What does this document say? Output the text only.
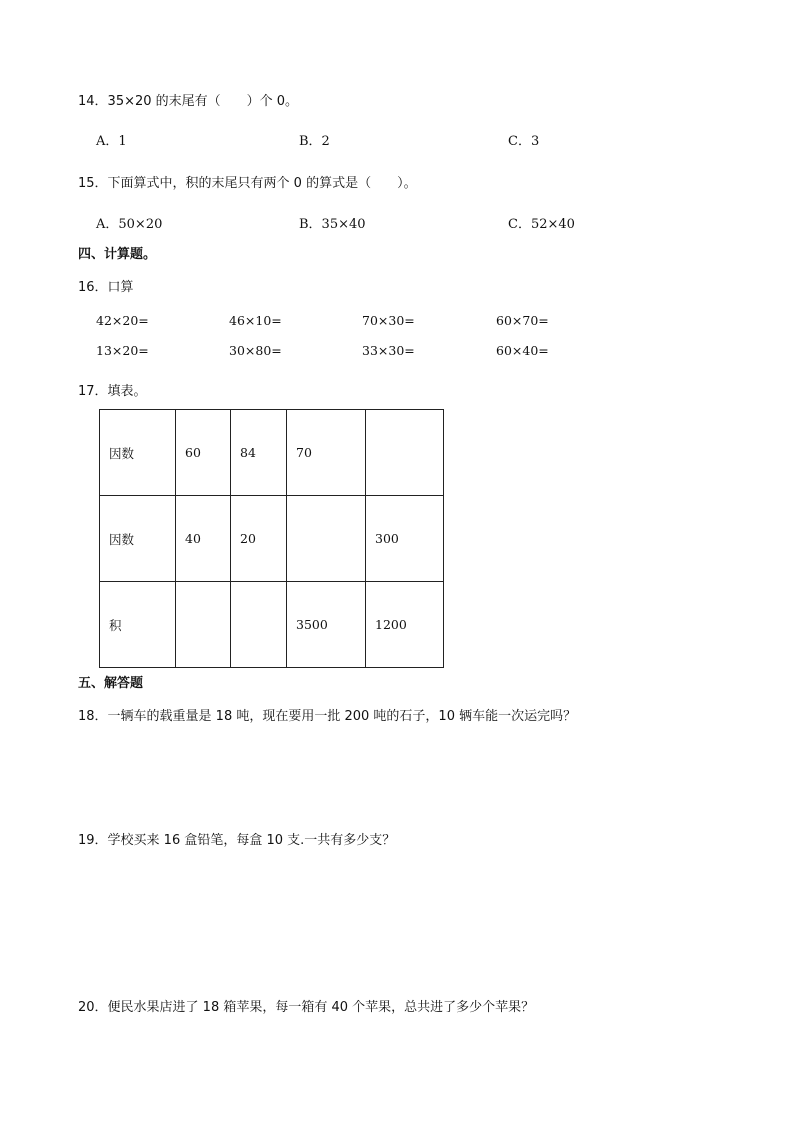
14．35×20 的末尾有（　　）个 0。
A．1	B．2	C．3
15．下面算式中，积的末尾只有两个 0 的算式是（　　）。
A．50×20	B．35×40	C．52×40
四、计算题。
16．口算
42×20=	46×10=	70×30=	60×70=
13×20=	30×80=	33×30=	60×40=
17．填表。
因数	60	84	70	
因数	40	20		300
积			3500	1200
五、解答题
18．一辆车的载重量是 18 吨，现在要用一批 200 吨的石子，10 辆车能一次运完吗？
19．学校买来 16 盒铅笔，每盒 10 支.一共有多少支？
20．便民水果店进了 18 箱苹果，每一箱有 40 个苹果，总共进了多少个苹果？
